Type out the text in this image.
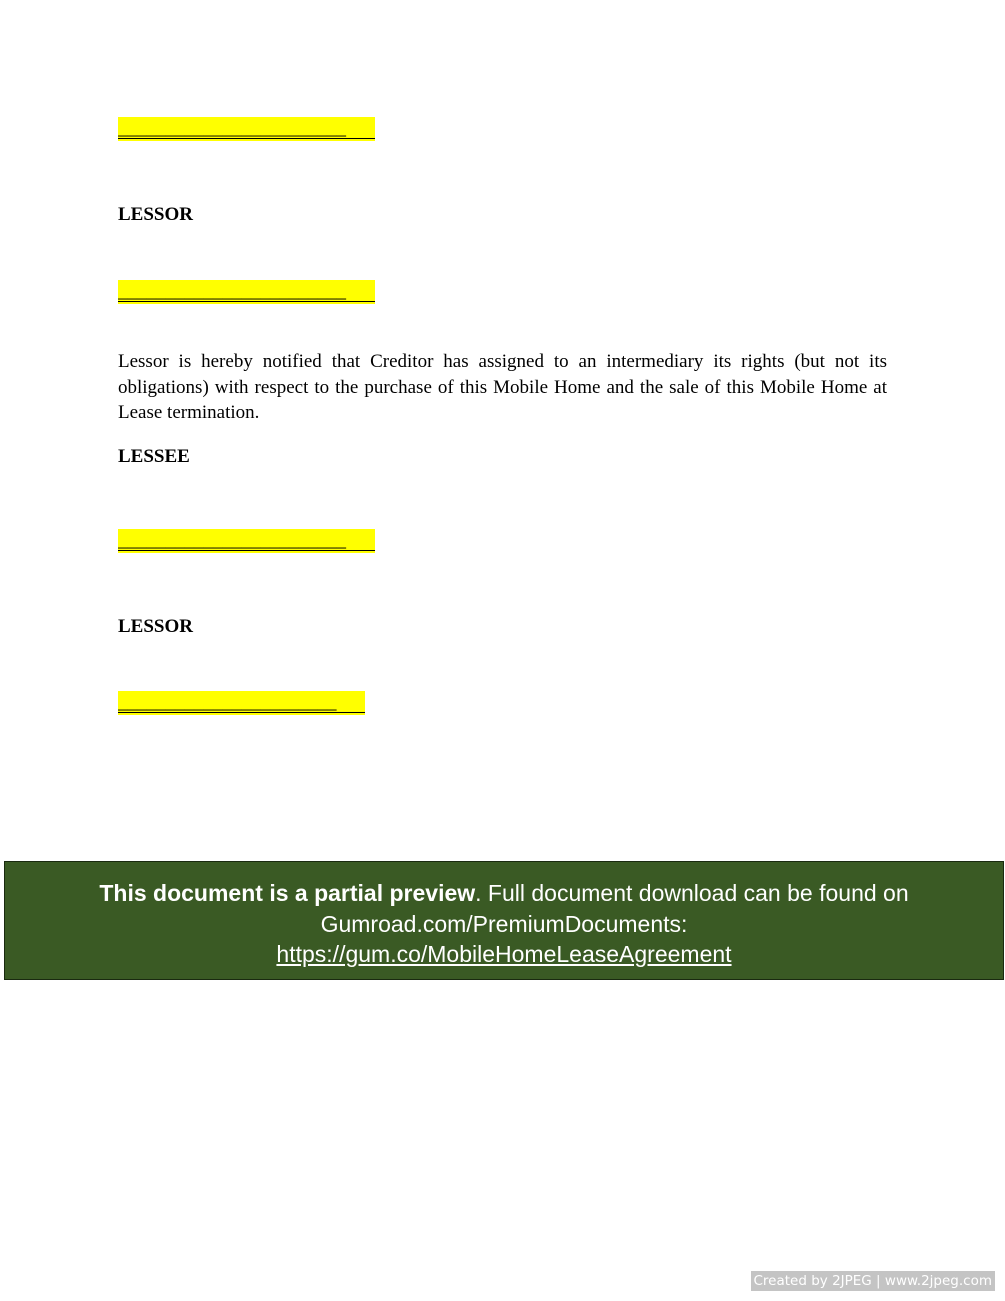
________________________

LESSOR

________________________

Lessor is hereby notified that Creditor has assigned to an intermediary its rights (but not its obligations) with respect to the purchase of this Mobile Home and the sale of this Mobile Home at Lease termination.

LESSEE

________________________

LESSOR

_______________________
This document is a partial preview. Full document download can be found on
Gumroad.com/PremiumDocuments:
https://gum.co/MobileHomeLeaseAgreement
Created by 2JPEG | www.2jpeg.com
